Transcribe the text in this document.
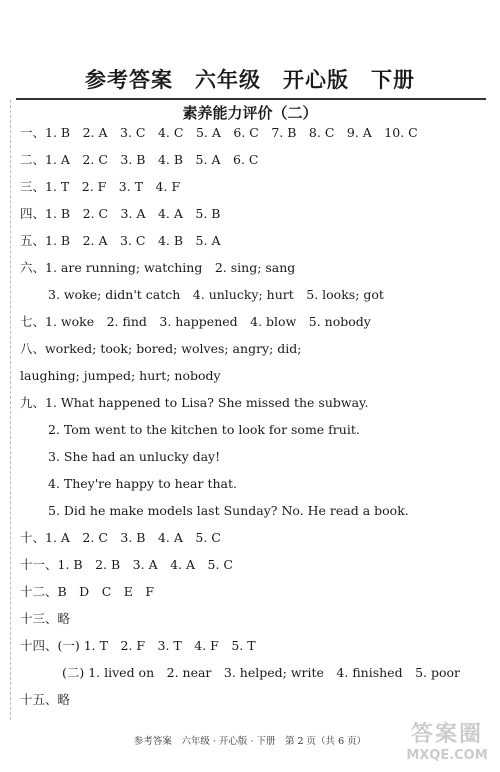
参考答案　六年级　开心版　下册
素养能力评价（二）
一、1. B　2. A　3. C　4. C　5. A　6. C　7. B　8. C　9. A　10. C
二、1. A　2. C　3. B　4. B　5. A　6. C
三、1. T　2. F　3. T　4. F
四、1. B　2. C　3. A　4. A　5. B
五、1. B　2. A　3. C　4. B　5. A
六、1. are running; watching　2. sing; sang
3. woke; didn't catch　4. unlucky; hurt　5. looks; got
七、1. woke　2. find　3. happened　4. blow　5. nobody
八、worked; took; bored; wolves; angry; did;
laughing; jumped; hurt; nobody
九、1. What happened to Lisa? She missed the subway.
2. Tom went to the kitchen to look for some fruit.
3. She had an unlucky day!
4. They're happy to hear that.
5. Did he make models last Sunday? No. He read a book.
十、1. A　2. C　3. B　4. A　5. C
十一、1. B　2. B　3. A　4. A　5. C
十二、B　D　C　E　F
十三、略
十四、(一) 1. T　2. F　3. T　4. F　5. T
(二) 1. lived on　2. near　3. helped; write　4. finished　5. poor
十五、略
参考答案　六年级 · 开心版 · 下册　第 2 页（共 6 页）	答案圈
MXQE.COM
